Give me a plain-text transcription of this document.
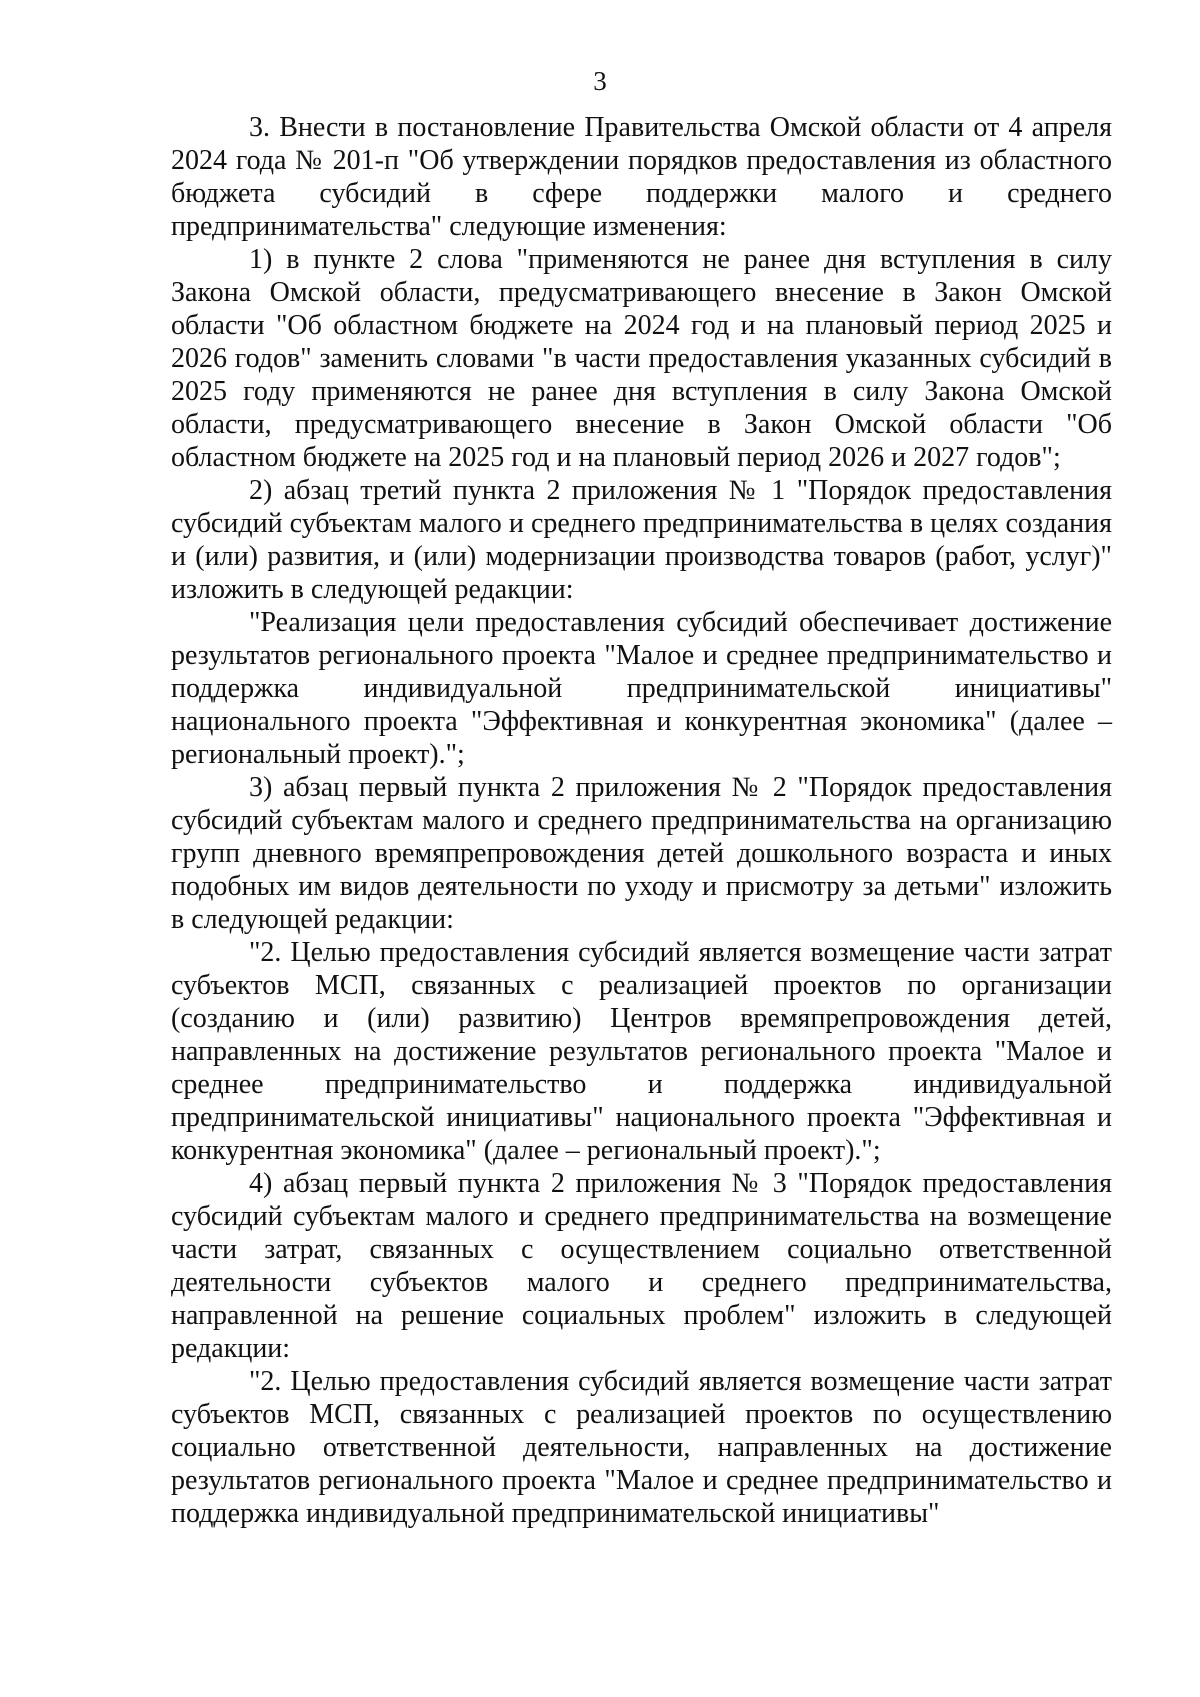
3

3. Внести в постановление Правительства Омской области от 4 апреля 2024 года № 201-п "Об утверждении порядков предоставления из областного бюджета субсидий в сфере поддержки малого и среднего предпринимательства" следующие изменения:

1) в пункте 2 слова "применяются не ранее дня вступления в силу Закона Омской области, предусматривающего внесение в Закон Омской области "Об областном бюджете на 2024 год и на плановый период 2025 и 2026 годов" заменить словами "в части предоставления указанных субсидий в 2025 году применяются не ранее дня вступления в силу Закона Омской области, предусматривающего внесение в Закон Омской области "Об областном бюджете на 2025 год и на плановый период 2026 и 2027 годов";

2) абзац третий пункта 2 приложения № 1 "Порядок предоставления субсидий субъектам малого и среднего предпринимательства в целях создания и (или) развития, и (или) модернизации производства товаров (работ, услуг)" изложить в следующей редакции:

"Реализация цели предоставления субсидий обеспечивает достижение результатов регионального проекта "Малое и среднее предпринимательство и поддержка индивидуальной предпринимательской инициативы" национального проекта "Эффективная и конкурентная экономика" (далее – региональный проект).";

3) абзац первый пункта 2 приложения № 2 "Порядок предоставления субсидий субъектам малого и среднего предпринимательства на организацию групп дневного времяпрепровождения детей дошкольного возраста и иных подобных им видов деятельности по уходу и присмотру за детьми" изложить в следующей редакции:

"2. Целью предоставления субсидий является возмещение части затрат субъектов МСП, связанных с реализацией проектов по организации (созданию и (или) развитию) Центров времяпрепровождения детей, направленных на достижение результатов регионального проекта "Малое и среднее предпринимательство и поддержка индивидуальной предпринимательской инициативы" национального проекта "Эффективная и конкурентная экономика" (далее – региональный проект).";

4) абзац первый пункта 2 приложения № 3 "Порядок предоставления субсидий субъектам малого и среднего предпринимательства на возмещение части затрат, связанных с осуществлением социально ответственной деятельности субъектов малого и среднего предпринимательства, направленной на решение социальных проблем" изложить в следующей редакции:

"2. Целью предоставления субсидий является возмещение части затрат субъектов МСП, связанных с реализацией проектов по осуществлению социально ответственной деятельности, направленных на достижение результатов регионального проекта "Малое и среднее предпринимательство и поддержка индивидуальной предпринимательской инициативы"
